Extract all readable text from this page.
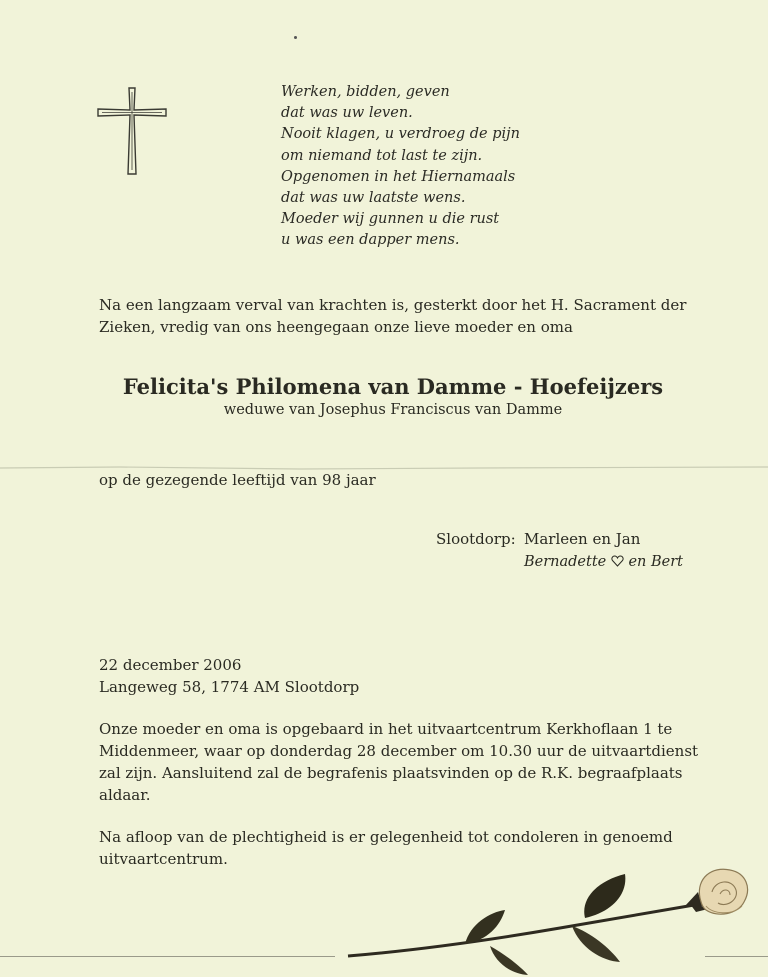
Werken, bidden, geven
dat was uw leven.
Nooit klagen, u verdroeg de pijn
om niemand tot last te zijn.
Opgenomen in het Hiernamaals
dat was uw laatste wens.
Moeder wij gunnen u die rust
u was een dapper mens.
Na een langzaam verval van krachten is, gesterkt door het H. Sacrament der
Zieken, vredig van ons heengegaan onze lieve moeder en oma
Felicita's Philomena van Damme - Hoefeijzers
weduwe van Josephus Franciscus van Damme
op de gezegende leeftijd van 98 jaar
Slootdorp: Marleen en Jan
Bernadette en Bert
22 december 2006
Langeweg 58, 1774 AM Slootdorp
Onze moeder en oma is opgebaard in het uitvaartcentrum Kerkhoflaan 1 te
Middenmeer, waar op donderdag 28 december om 10.30 uur de uitvaartdienst
zal zijn. Aansluitend zal de begrafenis plaatsvinden op de R.K. begraafplaats
aldaar.
Na afloop van de plechtigheid is er gelegenheid tot condoleren in genoemd
uitvaartcentrum.
